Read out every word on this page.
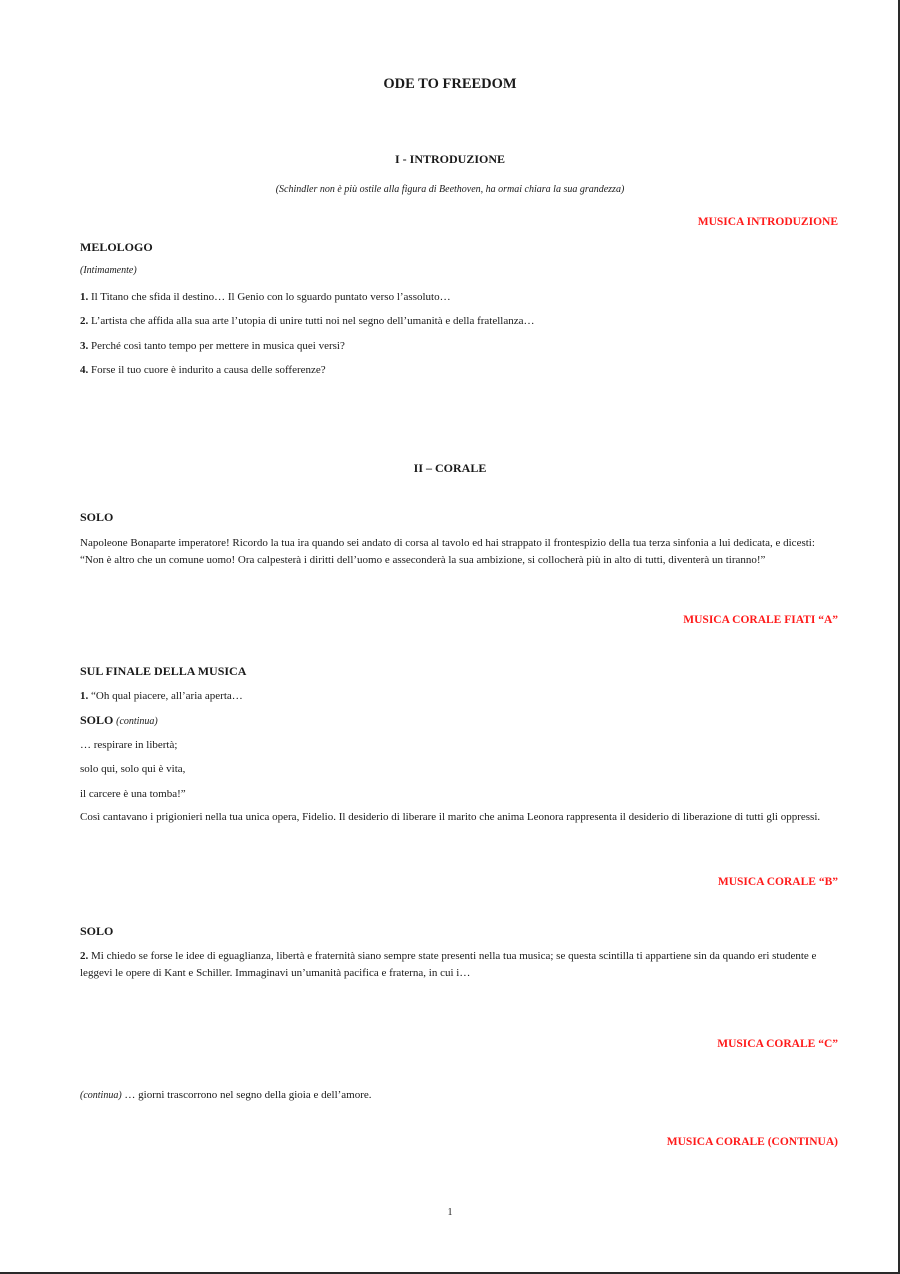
ODE TO FREEDOM

I - INTRODUZIONE

(Schindler non è più ostile alla figura di Beethoven, ha ormai chiara la sua grandezza)

MUSICA INTRODUZIONE

MELOLOGO

(Intimamente)

1. Il Titano che sfida il destino… Il Genio con lo sguardo puntato verso l’assoluto…

2. L’artista che affida alla sua arte l’utopia di unire tutti noi nel segno dell’umanità e della fratellanza…

3. Perché così tanto tempo per mettere in musica quei versi?

4. Forse il tuo cuore è indurito a causa delle sofferenze?

II – CORALE

SOLO

Napoleone Bonaparte imperatore! Ricordo la tua ira quando sei andato di corsa al tavolo ed hai strappato il frontespizio della tua terza sinfonia a lui dedicata, e dicesti: “Non è altro che un comune uomo! Ora calpesterà i diritti dell’uomo e asseconderà la sua ambizione, si collocherà più in alto di tutti, diventerà un tiranno!”

MUSICA CORALE FIATI “A”

SUL FINALE DELLA MUSICA

1. “Oh qual piacere, all’aria aperta…

SOLO (continua)

… respirare in libertà;

solo qui, solo qui è vita,

il carcere è una tomba!”

Così cantavano i prigionieri nella tua unica opera, Fidelio. Il desiderio di liberare il marito che anima Leonora rappresenta il desiderio di liberazione di tutti gli oppressi.

MUSICA CORALE “B”

SOLO

2. Mi chiedo se forse le idee di eguaglianza, libertà e fraternità siano sempre state presenti nella tua musica; se questa scintilla ti appartiene sin da quando eri studente e leggevi le opere di Kant e Schiller. Immaginavi un’umanità pacifica e fraterna, in cui i…

MUSICA CORALE “C”

(continua) … giorni trascorrono nel segno della gioia e dell’amore.

MUSICA CORALE (CONTINUA)

1
